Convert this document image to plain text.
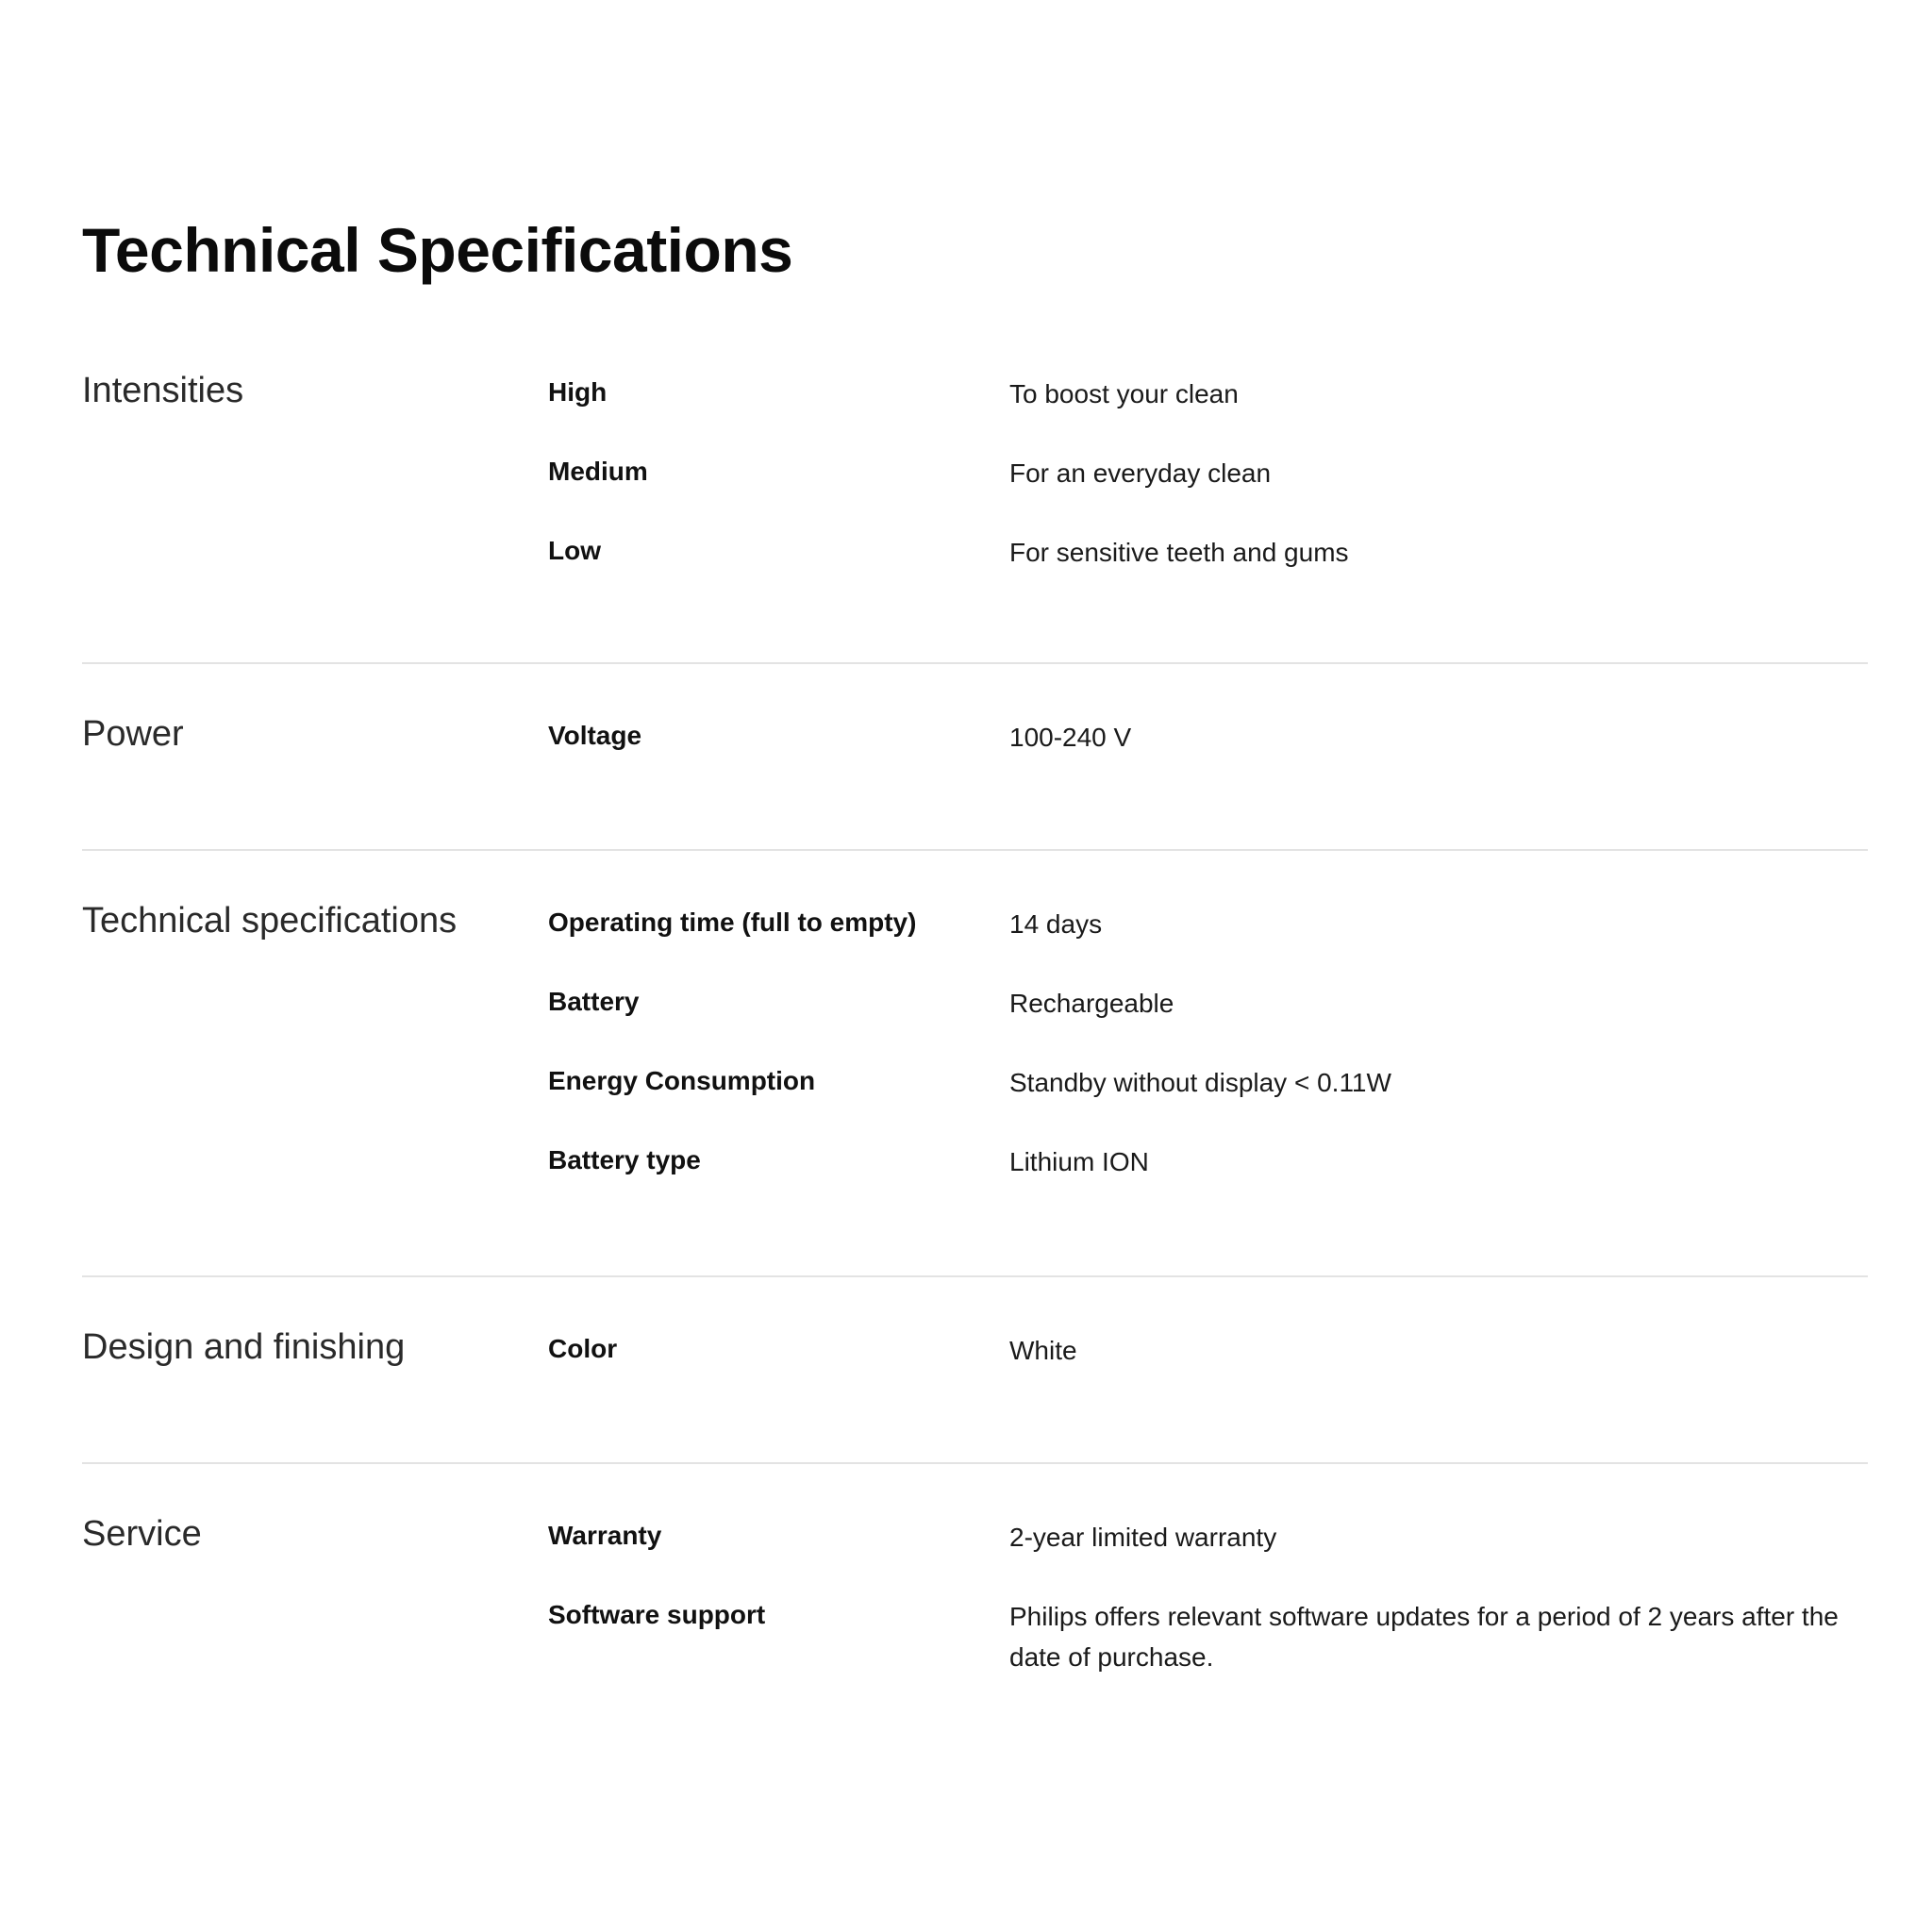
Technical Specifications
Intensities	High	To boost your clean
Medium	For an everyday clean
Low	For sensitive teeth and gums
Power	Voltage	100-240 V
Technical specifications	Operating time (full to empty)	14 days
Battery	Rechargeable
Energy Consumption	Standby without display < 0.11W
Battery type	Lithium ION
Design and finishing	Color	White
Service	Warranty	2-year limited warranty
Software support	Philips offers relevant software updates for a period of 2 years after the date of purchase.
